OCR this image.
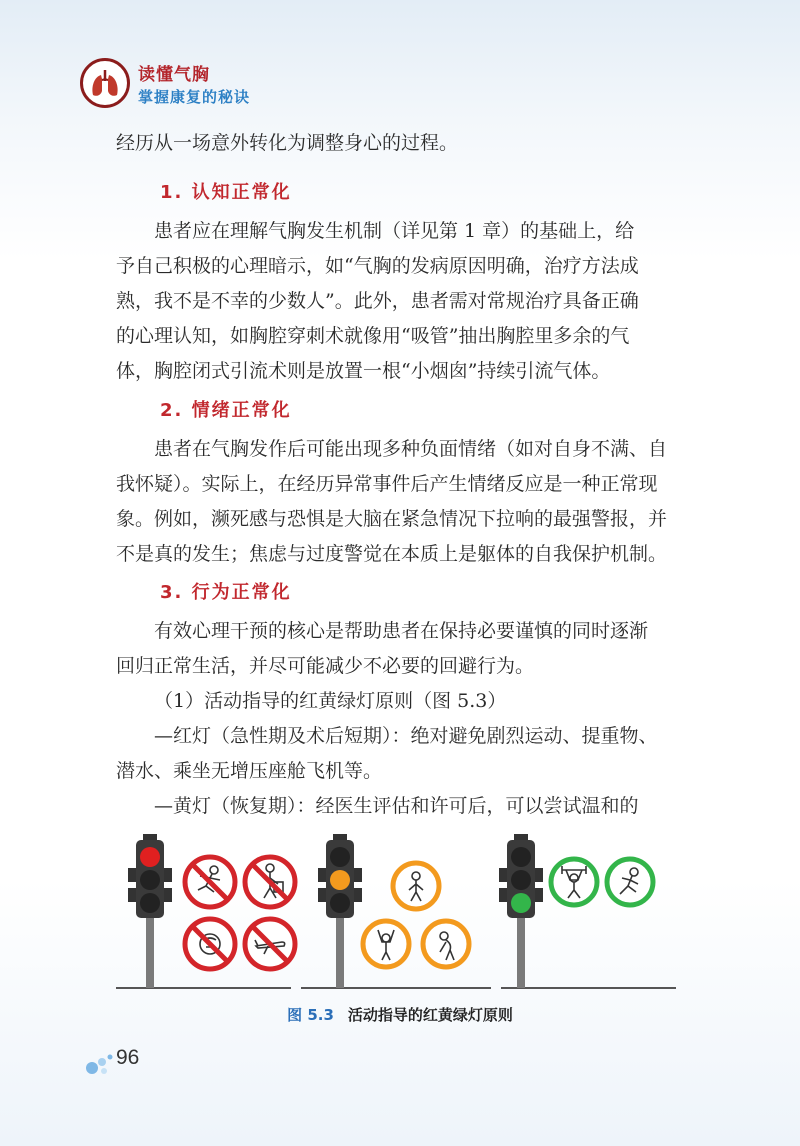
读懂气胸
掌握康复的秘诀

经历从一场意外转化为调整身心的过程。

1. 认知正常化

患者应在理解气胸发生机制（详见第 1 章）的基础上，给

予自己积极的心理暗示，如“气胸的发病原因明确，治疗方法成

熟，我不是不幸的少数人”。此外，患者需对常规治疗具备正确

的心理认知，如胸腔穿刺术就像用“吸管”抽出胸腔里多余的气

体，胸腔闭式引流术则是放置一根“小烟囱”持续引流气体。

2. 情绪正常化

患者在气胸发作后可能出现多种负面情绪（如对自身不满、自

我怀疑）。实际上，在经历异常事件后产生情绪反应是一种正常现

象。例如，濒死感与恐惧是大脑在紧急情况下拉响的最强警报，并

不是真的发生；焦虑与过度警觉在本质上是躯体的自我保护机制。

3. 行为正常化

有效心理干预的核心是帮助患者在保持必要谨慎的同时逐渐

回归正常生活，并尽可能减少不必要的回避行为。

（1）活动指导的红黄绿灯原则（图 5.3）

—红灯（急性期及术后短期）：绝对避免剧烈运动、提重物、

潜水、乘坐无增压座舱飞机等。

—黄灯（恢复期）：经医生评估和许可后，可以尝试温和的

图 5.3 活动指导的红黄绿灯原则
96
